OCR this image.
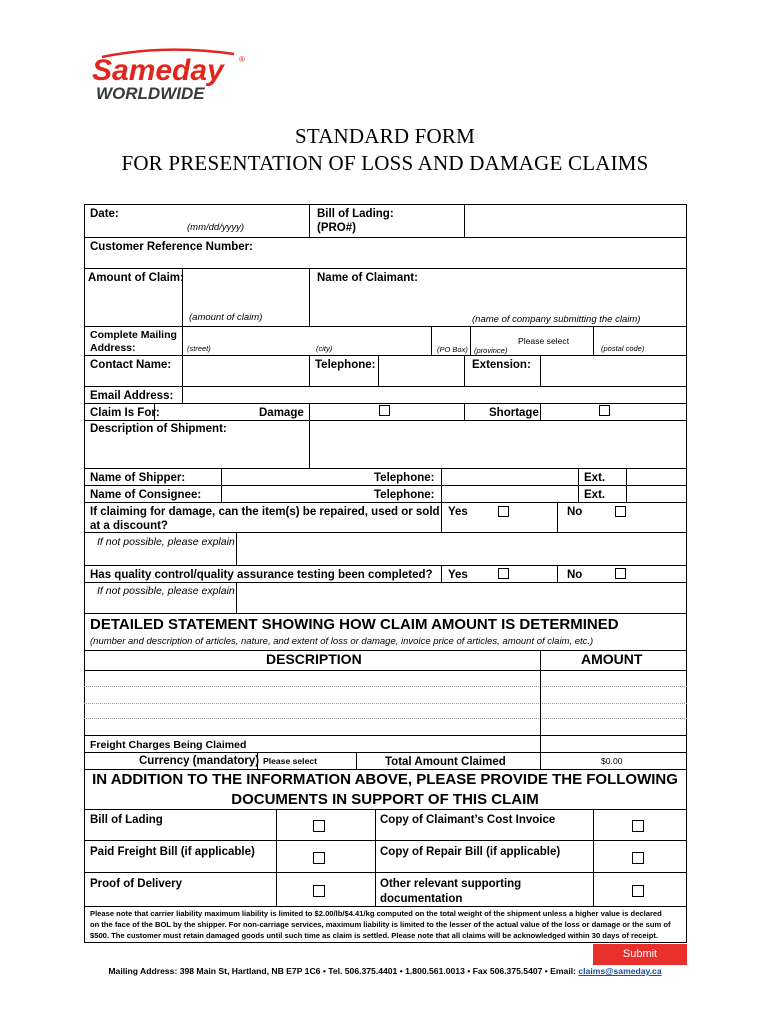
Sameday ®
WORLDWIDE
STANDARD FORM
FOR PRESENTATION OF LOSS AND DAMAGE CLAIMS
Date:
(mm/dd/yyyy)
Bill of Lading:
(PRO#)
Customer Reference Number:
Amount of Claim:
(amount of claim)
Name of Claimant:
(name of company submitting the claim)
Complete Mailing
Address:	(street)	(city)	(PO Box)
Please select
(province)	(postal code)
Contact Name:	Telephone:	Extension:
Email Address:
Claim Is For:	Damage	Shortage
Description of Shipment:
Name of Shipper:	Telephone:	Ext.
Name of Consignee:	Telephone:	Ext.
If claiming for damage, can the item(s) be repaired, used or sold
at a discount?
Yes	No
If not possible, please explain
Has quality control/quality assurance testing been completed? Yes	No
If not possible, please explain
DETAILED STATEMENT SHOWING HOW CLAIM AMOUNT IS DETERMINED
(number and description of articles, nature, and extent of loss or damage, invoice price of articles, amount of claim, etc.)
DESCRIPTION	AMOUNT
Freight Charges Being Claimed
Currency (mandatory) Please select	Total Amount Claimed	$0.00
IN ADDITION TO THE INFORMATION ABOVE, PLEASE PROVIDE THE FOLLOWING
DOCUMENTS IN SUPPORT OF THIS CLAIM
Bill of Lading	Copy of Claimant’s Cost Invoice
Paid Freight Bill (if applicable)	Copy of Repair Bill (if applicable)
Proof of Delivery	Other relevant supporting
documentation
Please note that carrier liability maximum liability is limited to $2.00/lb/$4.41/kg computed on the total weight of the shipment unless a higher value is declared
on the face of the BOL by the shipper. For non-carriage services, maximum liability is limited to the lesser of the actual value of the loss or damage or the sum of
$500. The customer must retain damaged goods until such time as claim is settled. Please note that all claims will be acknowledged within 30 days of receipt.
Submit
Mailing Address: 398 Main St, Hartland, NB E7P 1C6 • Tel. 506.375.4401 • 1.800.561.0013 • Fax 506.375.5407 • Email: claims@sameday.ca
